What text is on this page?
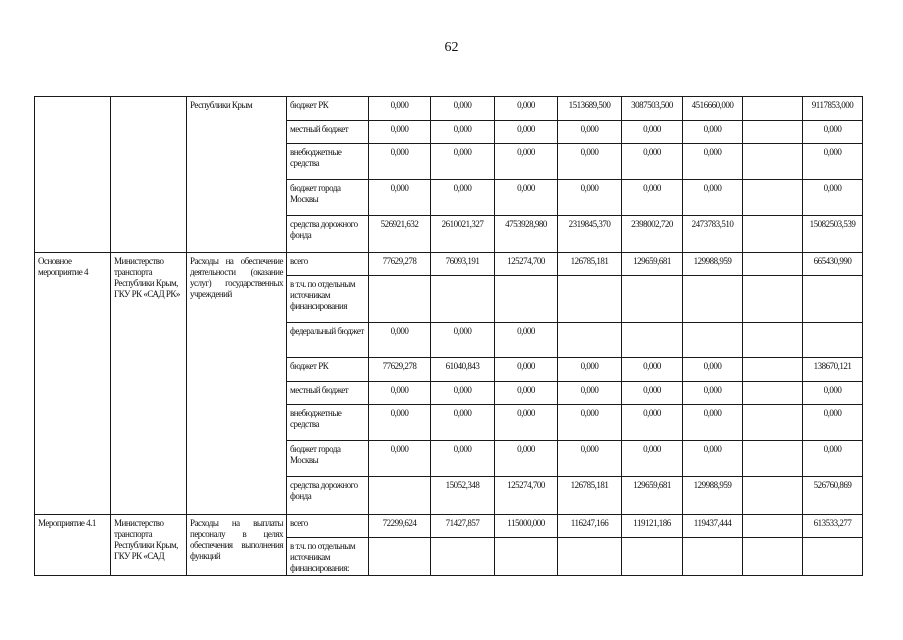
62
		Республики Крым	бюджет РК	0,000	0,000	0,000	1513689,500	3087503,500	4516660,000		9117853,000
			местный бюджет	0,000	0,000	0,000	0,000	0,000	0,000		0,000
			внебюджетные средства	0,000	0,000	0,000	0,000	0,000	0,000		0,000
			бюджет города Москвы	0,000	0,000	0,000	0,000	0,000	0,000		0,000
			средства дорожного фонда	526921,632	2610021,327	4753928,980	2319845,370	2398002,720	2473783,510		15082503,539
Основное мероприятие 4	Министерство транспорта Республики Крым, ГКУ РК «САД РК»	Расходы на обеспечение деятельности (оказание услуг) государственных учреждений	всего	77629,278	76093,191	125274,700	126785,181	129659,681	129988,959		665430,990
			в т.ч. по отдельным источникам финансирования								
			федеральный бюджет	0,000	0,000	0,000					
			бюджет РК	77629,278	61040,843	0,000	0,000	0,000	0,000		138670,121
			местный бюджет	0,000	0,000	0,000	0,000	0,000	0,000		0,000
			внебюджетные средства	0,000	0,000	0,000	0,000	0,000	0,000		0,000
			бюджет города Москвы	0,000	0,000	0,000	0,000	0,000	0,000		0,000
			средства дорожного фонда		15052,348	125274,700	126785,181	129659,681	129988,959		526760,869
Мероприятие 4.1	Министерство транспорта Республики Крым, ГКУ РК «САД	Расходы на выплаты персоналу в целях обеспечения выполнения функций	всего	72299,624	71427,857	115000,000	116247,166	119121,186	119437,444		613533,277
			в т.ч. по отдельным источникам финансирования:								
